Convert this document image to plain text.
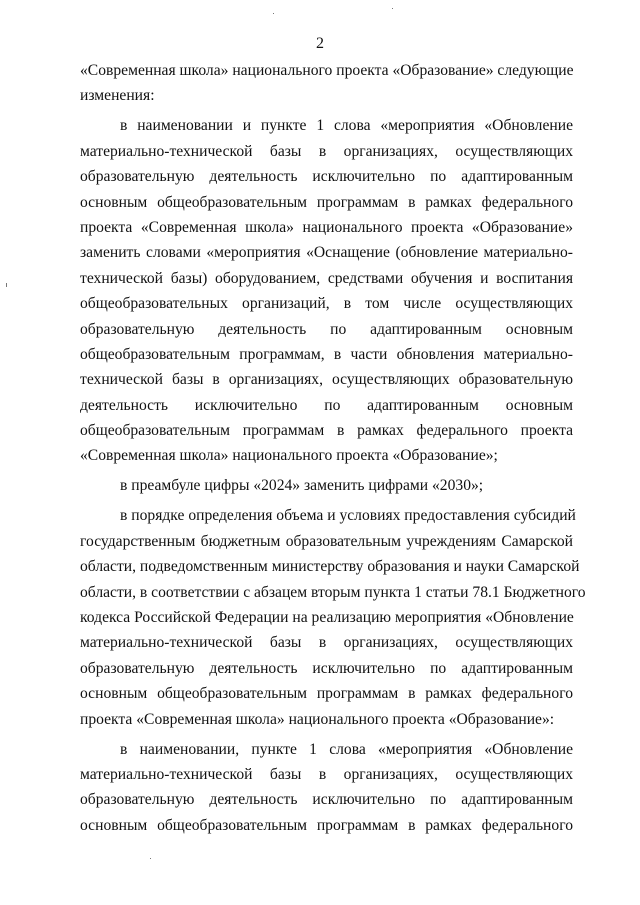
2
«Современная школа» национального проекта «Образование» следующие
изменения:
в наименовании и пункте 1 слова «мероприятия «Обновление
материально-технической базы в организациях, осуществляющих
образовательную деятельность исключительно по адаптированным
основным общеобразовательным программам в рамках федерального
проекта «Современная школа» национального проекта «Образование»
заменить словами «мероприятия «Оснащение (обновление материально-
технической базы) оборудованием, средствами обучения и воспитания
общеобразовательных организаций, в том числе осуществляющих
образовательную деятельность по адаптированным основным
общеобразовательным программам, в части обновления материально-
технической базы в организациях, осуществляющих образовательную
деятельность исключительно по адаптированным основным
общеобразовательным программам в рамках федерального проекта
«Современная школа» национального проекта «Образование»;
в преамбуле цифры «2024» заменить цифрами «2030»;
в порядке определения объема и условиях предоставления субсидий
государственным бюджетным образовательным учреждениям Самарской
области, подведомственным министерству образования и науки Самарской
области, в соответствии с абзацем вторым пункта 1 статьи 78.1 Бюджетного
кодекса Российской Федерации на реализацию мероприятия «Обновление
материально-технической базы в организациях, осуществляющих
образовательную деятельность исключительно по адаптированным
основным общеобразовательным программам в рамках федерального
проекта «Современная школа» национального проекта «Образование»:
в наименовании, пункте 1 слова «мероприятия «Обновление
материально-технической базы в организациях, осуществляющих
образовательную деятельность исключительно по адаптированным
основным общеобразовательным программам в рамках федерального
